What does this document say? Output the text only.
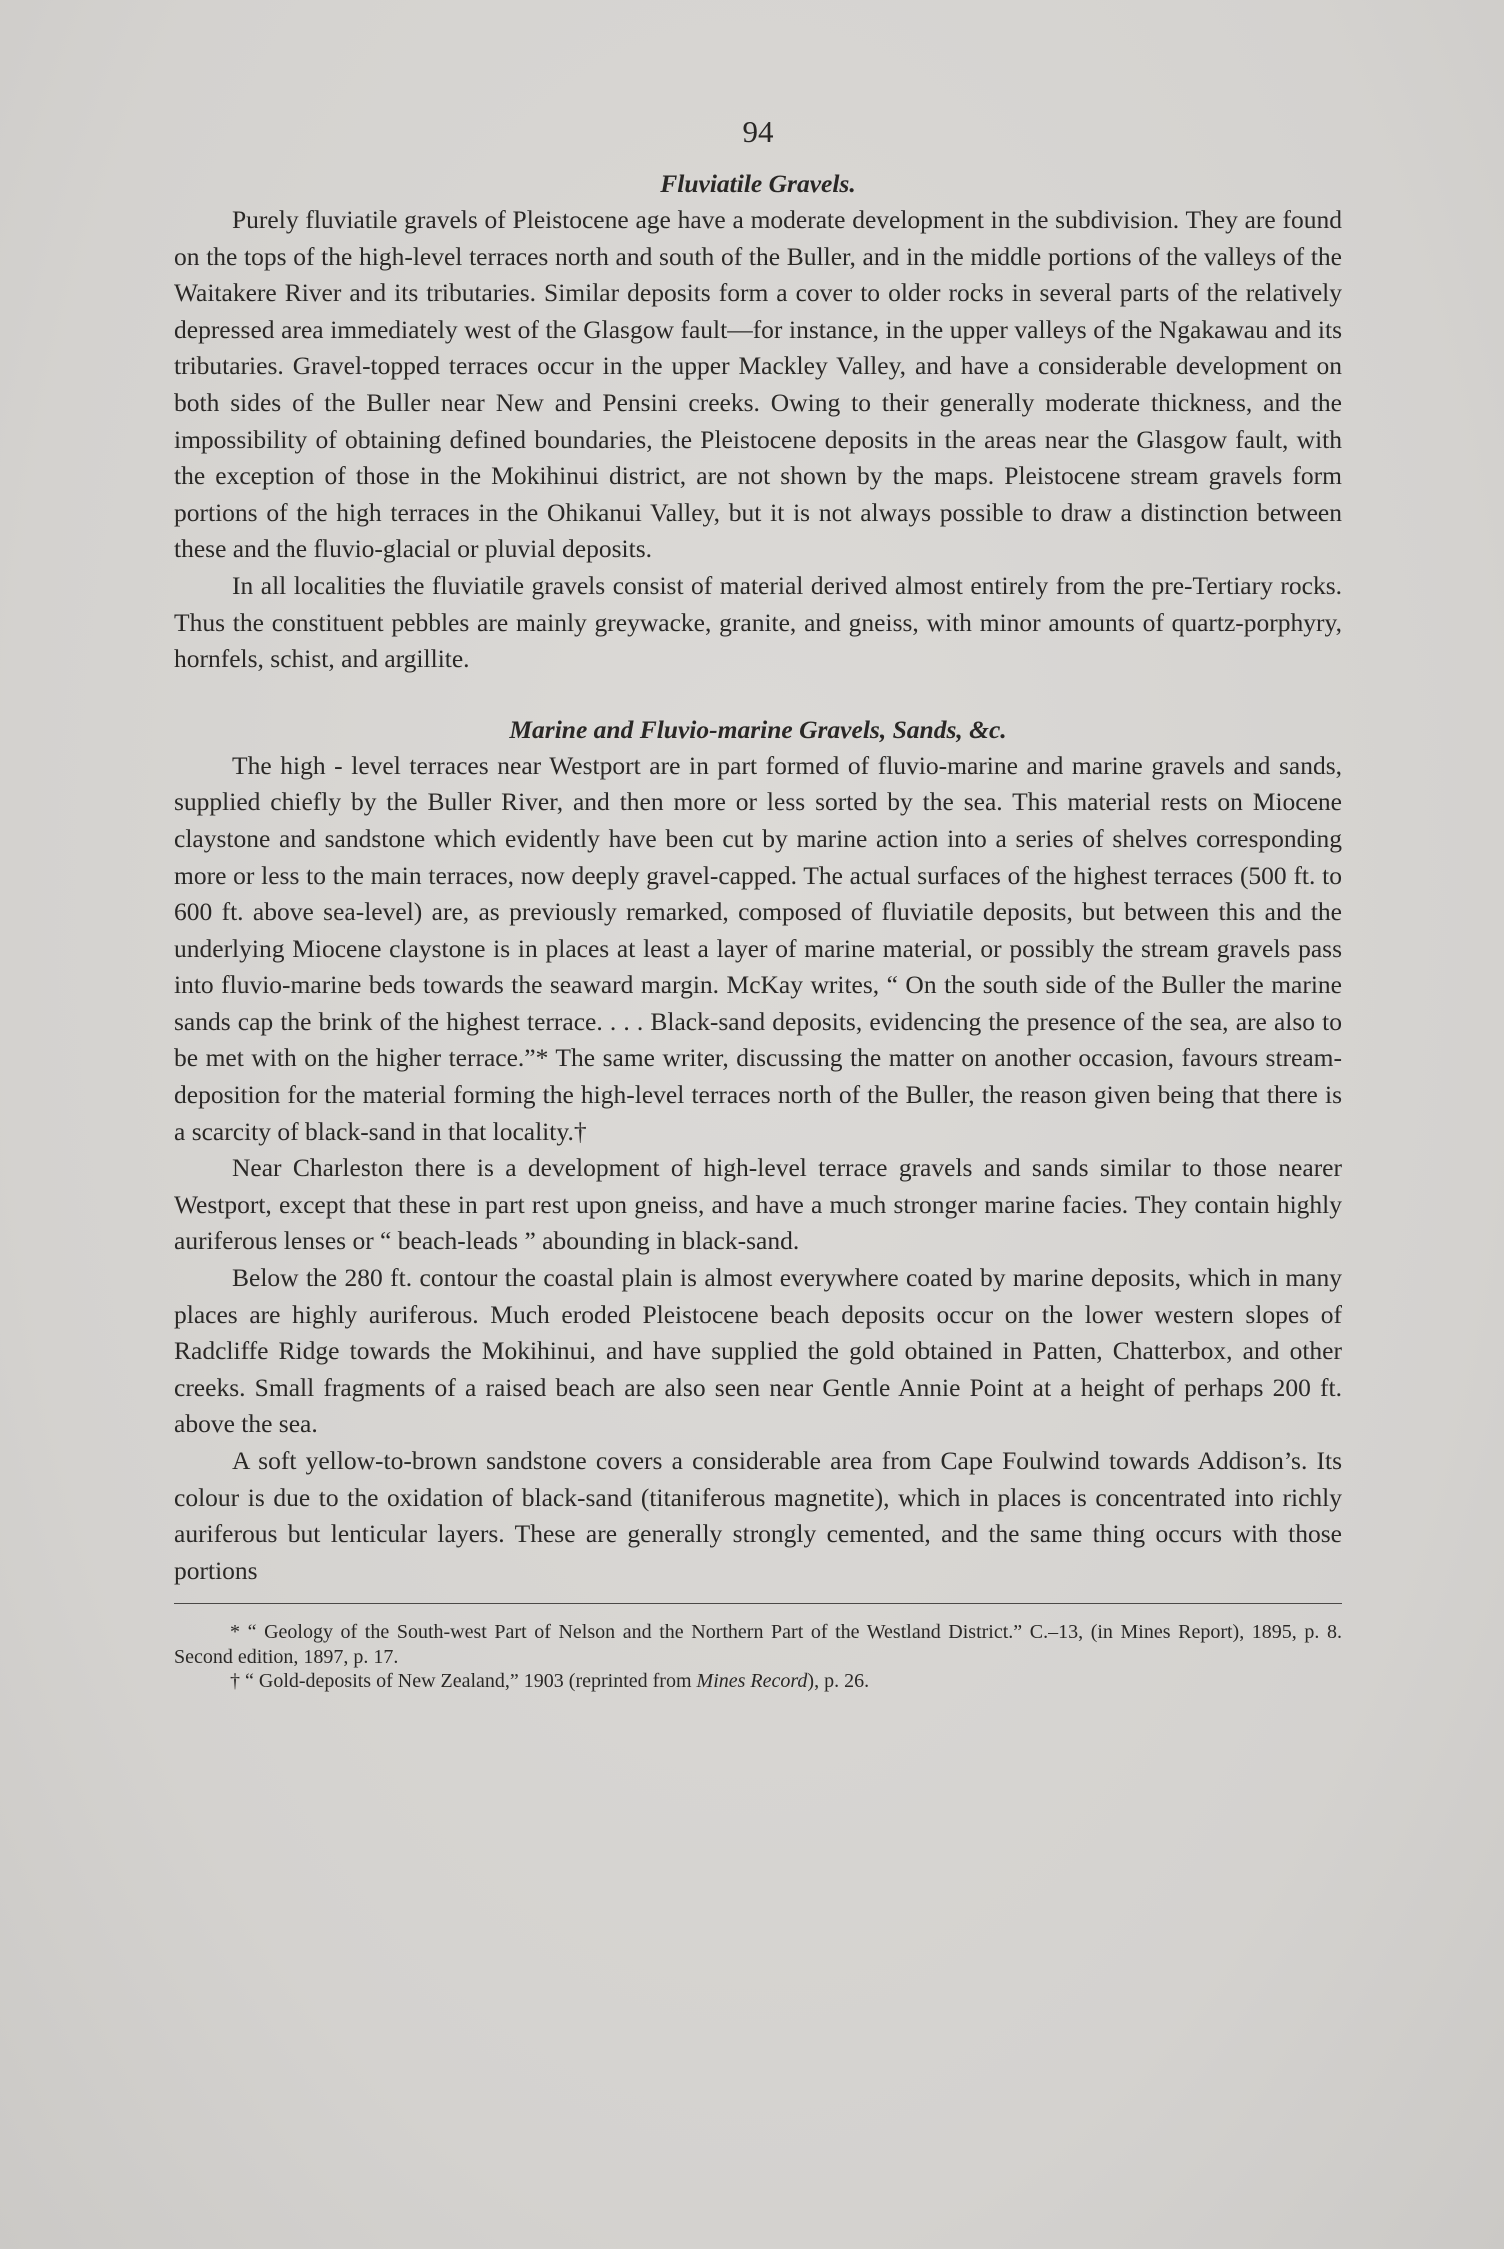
94
Fluviatile Gravels.

Purely fluviatile gravels of Pleistocene age have a moderate development in the subdivision. They are found on the tops of the high-level terraces north and south of the Buller, and in the middle portions of the valleys of the Waitakere River and its tributaries. Similar deposits form a cover to older rocks in several parts of the relatively depressed area immediately west of the Glasgow fault—for instance, in the upper valleys of the Ngakawau and its tributaries. Gravel-topped terraces occur in the upper Mackley Valley, and have a considerable development on both sides of the Buller near New and Pensini creeks. Owing to their generally moderate thickness, and the impossibility of obtaining defined boundaries, the Pleistocene deposits in the areas near the Glasgow fault, with the exception of those in the Mokihinui district, are not shown by the maps. Pleistocene stream gravels form portions of the high terraces in the Ohikanui Valley, but it is not always possible to draw a distinction between these and the fluvio-glacial or pluvial deposits.

In all localities the fluviatile gravels consist of material derived almost entirely from the pre-Tertiary rocks. Thus the constituent pebbles are mainly greywacke, granite, and gneiss, with minor amounts of quartz-porphyry, hornfels, schist, and argillite.

Marine and Fluvio-marine Gravels, Sands, &c.

The high - level terraces near Westport are in part formed of fluvio-marine and marine gravels and sands, supplied chiefly by the Buller River, and then more or less sorted by the sea. This material rests on Miocene claystone and sandstone which evidently have been cut by marine action into a series of shelves corresponding more or less to the main terraces, now deeply gravel-capped. The actual surfaces of the highest terraces (500 ft. to 600 ft. above sea-level) are, as previously remarked, composed of fluviatile deposits, but between this and the underlying Miocene claystone is in places at least a layer of marine material, or possibly the stream gravels pass into fluvio-marine beds towards the seaward margin. McKay writes, “ On the south side of the Buller the marine sands cap the brink of the highest terrace. . . . Black-sand deposits, evidencing the presence of the sea, are also to be met with on the higher terrace.”* The same writer, discussing the matter on another occasion, favours stream-deposition for the material forming the high-level terraces north of the Buller, the reason given being that there is a scarcity of black-sand in that locality.†

Near Charleston there is a development of high-level terrace gravels and sands similar to those nearer Westport, except that these in part rest upon gneiss, and have a much stronger marine facies. They contain highly auriferous lenses or “ beach-leads ” abounding in black-sand.

Below the 280 ft. contour the coastal plain is almost everywhere coated by marine deposits, which in many places are highly auriferous. Much eroded Pleistocene beach deposits occur on the lower western slopes of Radcliffe Ridge towards the Mokihinui, and have supplied the gold obtained in Patten, Chatterbox, and other creeks. Small fragments of a raised beach are also seen near Gentle Annie Point at a height of perhaps 200 ft. above the sea.

A soft yellow-to-brown sandstone covers a considerable area from Cape Foulwind towards Addison’s. Its colour is due to the oxidation of black-sand (titaniferous magnetite), which in places is concentrated into richly auriferous but lenticular layers. These are generally strongly cemented, and the same thing occurs with those portions

* “ Geology of the South-west Part of Nelson and the Northern Part of the Westland District.” C.–13, (in Mines Report), 1895, p. 8. Second edition, 1897, p. 17.

† “ Gold-deposits of New Zealand,” 1903 (reprinted from Mines Record), p. 26.
